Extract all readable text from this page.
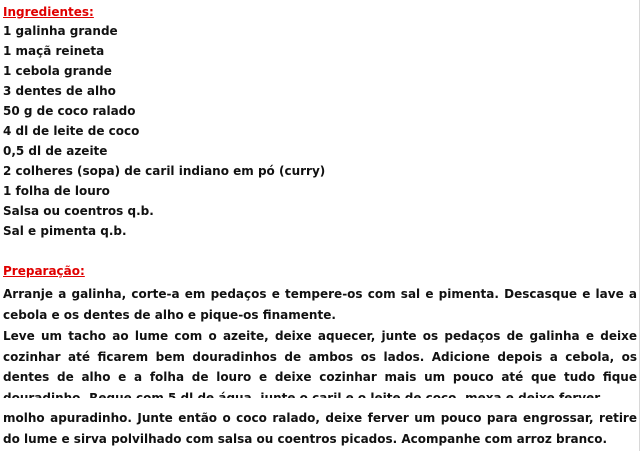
Ingredientes:
1 galinha grande
1 maçã reineta
1 cebola grande
3 dentes de alho
50 g de coco ralado
4 dl de leite de coco
0,5 dl de azeite
2 colheres (sopa) de caril indiano em pó (curry)
1 folha de louro
Salsa ou coentros q.b.
Sal e pimenta q.b.
Preparação:
Arranje a galinha, corte-a em pedaços e tempere-os com sal e pimenta. Descasque e lave a cebola e os dentes de alho e pique-os finamente.
Leve um tacho ao lume com o azeite, deixe aquecer, junte os pedaços de galinha e deixe cozinhar até ficarem bem douradinhos de ambos os lados. Adicione depois a cebola, os dentes de alho e a folha de louro e deixe cozinhar mais um pouco até que tudo fique
molho apuradinho. Junte então o coco ralado, deixe ferver um pouco para engrossar, retire do lume e sirva polvilhado com salsa ou coentros picados. Acompanhe com arroz branco.
